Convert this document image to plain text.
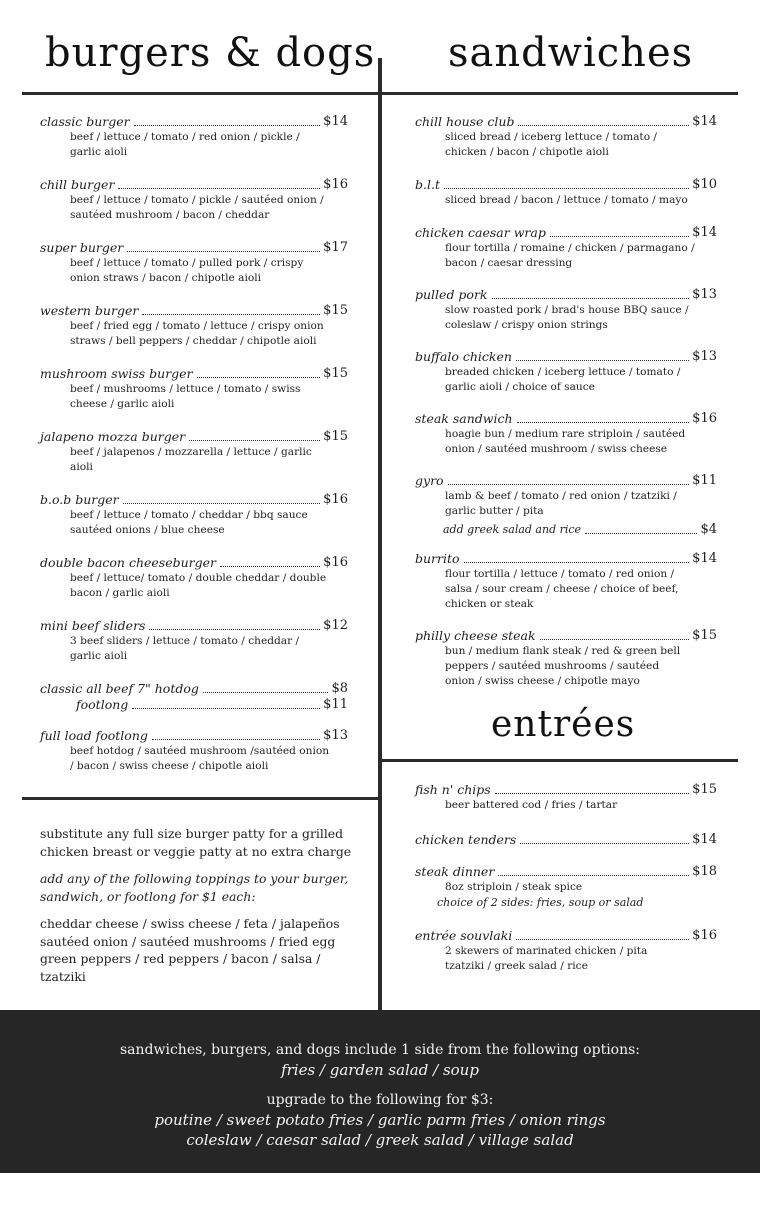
burgers & dogs sandwiches
classic burger	$14
beef / lettuce / tomato / red onion / pickle /
garlic aioli
chill burger	$16
beef / lettuce / tomato / pickle / sautéed onion /
sautéed mushroom / bacon / cheddar
super burger	$17
beef / lettuce / tomato / pulled pork / crispy
onion straws / bacon / chipotle aioli
western burger	$15
beef / fried egg / tomato / lettuce / crispy onion
straws / bell peppers / cheddar / chipotle aioli
mushroom swiss burger	$15
beef / mushrooms / lettuce / tomato / swiss
cheese / garlic aioli
jalapeno mozza burger	$15
beef / jalapenos / mozzarella / lettuce / garlic
aioli
b.o.b burger	$16
beef / lettuce / tomato / cheddar / bbq sauce
sautéed onions / blue cheese
double bacon cheeseburger	$16
beef / lettuce/ tomato / double cheddar / double
bacon / garlic aioli
mini beef sliders	$12
3 beef sliders / lettuce / tomato / cheddar /
garlic aioli
classic all beef 7" hotdog	$8
footlong	$11
full load footlong	$13
beef hotdog / sautéed mushroom /sautéed onion
/ bacon / swiss cheese / chipotle aioli
chill house club	$14
sliced bread / iceberg lettuce / tomato /
chicken / bacon / chipotle aioli
b.l.t	$10
sliced bread / bacon / lettuce / tomato / mayo
chicken caesar wrap	$14
flour tortilla / romaine / chicken / parmagano /
bacon / caesar dressing
pulled pork	$13
slow roasted pork / brad's house BBQ sauce /
coleslaw / crispy onion strings
buffalo chicken	$13
breaded chicken / iceberg lettuce / tomato /
garlic aioli / choice of sauce
steak sandwich	$16
hoagie bun / medium rare striploin / sautéed
onion / sautéed mushroom / swiss cheese
gyro	$11
lamb & beef / tomato / red onion / tzatziki /
garlic butter / pita
add greek salad and rice	$4
burrito	$14
flour tortilla / lettuce / tomato / red onion /
salsa / sour cream / cheese / choice of beef,
chicken or steak
philly cheese steak	$15
bun / medium flank steak / red & green bell
peppers / sautéed mushrooms / sautéed
onion / swiss cheese / chipotle mayo
entrées
fish n' chips	$15
beer battered cod / fries / tartar
chicken tenders	$14
steak dinner	$18
8oz striploin / steak spice
choice of 2 sides: fries, soup or salad
entrée souvlaki	$16
2 skewers of marinated chicken / pita
tzatziki / greek salad / rice

substitute any full size burger patty for a grilled chicken breast or veggie patty at no extra charge

add any of the following toppings to your burger, sandwich, or footlong for $1 each:

cheddar cheese / swiss cheese / feta / jalapeños sautéed onion / sautéed mushrooms / fried egg green peppers / red peppers / bacon / salsa / tzatziki

sandwiches, burgers, and dogs include 1 side from the following options:
fries / garden salad / soup
upgrade to the following for $3:
poutine / sweet potato fries / garlic parm fries / onion rings
coleslaw / caesar salad / greek salad / village salad
